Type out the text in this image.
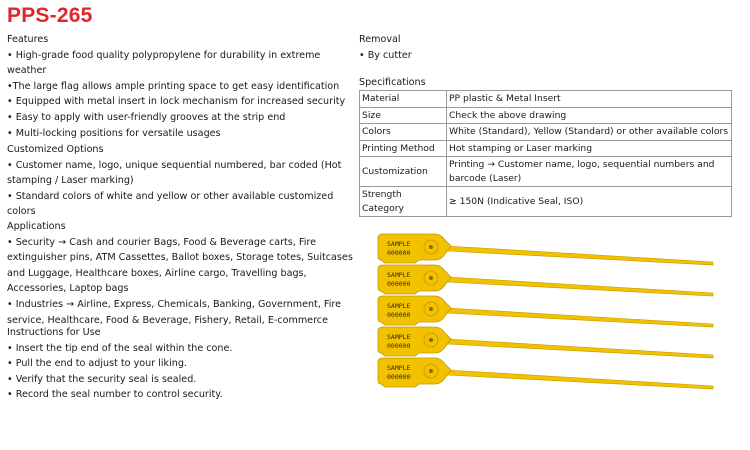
PPS-265
Features
• High-grade food quality polypropylene for durability in extreme weather
•The large flag allows ample printing space to get easy identification
• Equipped with metal insert in lock mechanism for increased security
• Easy to apply with user-friendly grooves at the strip end
• Multi-locking positions for versatile usages
Customized Options
• Customer name, logo, unique sequential numbered, bar coded (Hot stamping / Laser marking)
• Standard colors of white and yellow or other available customized colors
Applications
• Security → Cash and courier Bags, Food & Beverage carts, Fire extinguisher pins, ATM Cassettes, Ballot boxes, Storage totes, Suitcases and Luggage, Healthcare boxes, Airline cargo, Travelling bags, Accessories, Laptop bags
• Industries → Airline, Express, Chemicals, Banking, Government, Fire service, Healthcare, Food & Beverage, Fishery, Retail, E-commerce
Instructions for Use
• Insert the tip end of the seal within the cone.
• Pull the end to adjust to your liking.
• Verify that the security seal is sealed.
• Record the seal number to control security.
Removal
• By cutter
Specifications
Material	PP plastic & Metal Insert
Size	Check the above drawing
Colors	White (Standard), Yellow (Standard) or other available colors
Printing Method	Hot stamping or Laser marking
Customization	Printing → Customer name, logo, sequential numbers and barcode (Laser)
Strength Category	≥ 150N (Indicative Seal, ISO)
SAMPLE
000000
SAMPLE
000000
SAMPLE
000000
SAMPLE
000000
SAMPLE
000000
